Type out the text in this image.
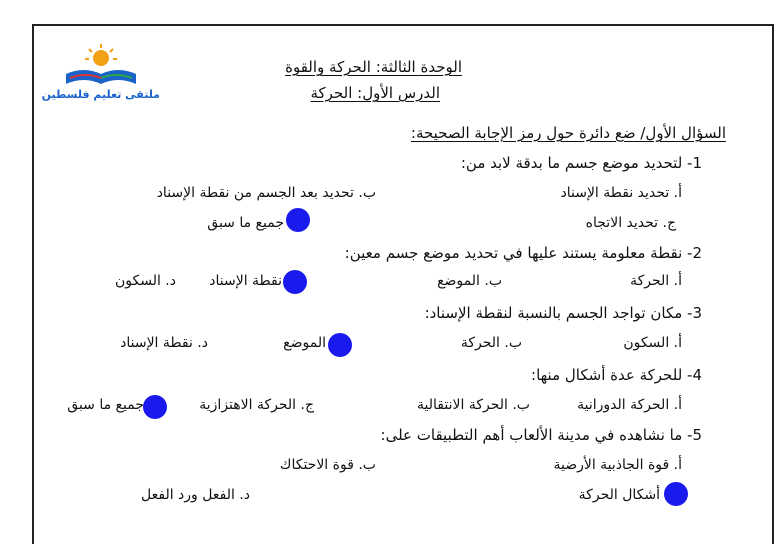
ملتقى تعليم فلسطين
الوحدة الثالثة: الحركة والقوة
الدرس الأول: الحركة
السؤال الأول/ ضع دائرة حول رمز الإجابة الصحيحة:
1- لتحديد موضع جسم ما بدقة لابد من:
أ. تحديد نقطة الإسناد
ب. تحديد بعد الجسم من نقطة الإسناد
ج. تحديد الاتجاه
جميع ما سبق
2- نقطة معلومة يستند عليها في تحديد موضع جسم معين:
أ. الحركة
ب. الموضع
نقطة الإسناد
د. السكون
3- مكان تواجد الجسم بالنسبة لنقطة الإسناد:
أ. السكون
ب. الحركة
الموضع
د. نقطة الإسناد
4- للحركة عدة أشكال منها:
أ. الحركة الدورانية
ب. الحركة الانتقالية
ج. الحركة الاهتزازية
جميع ما سبق
5- ما نشاهده في مدينة الألعاب أهم التطبيقات على:
أ. قوة الجاذبية الأرضية
ب. قوة الاحتكاك
أشكال الحركة
د. الفعل ورد الفعل
